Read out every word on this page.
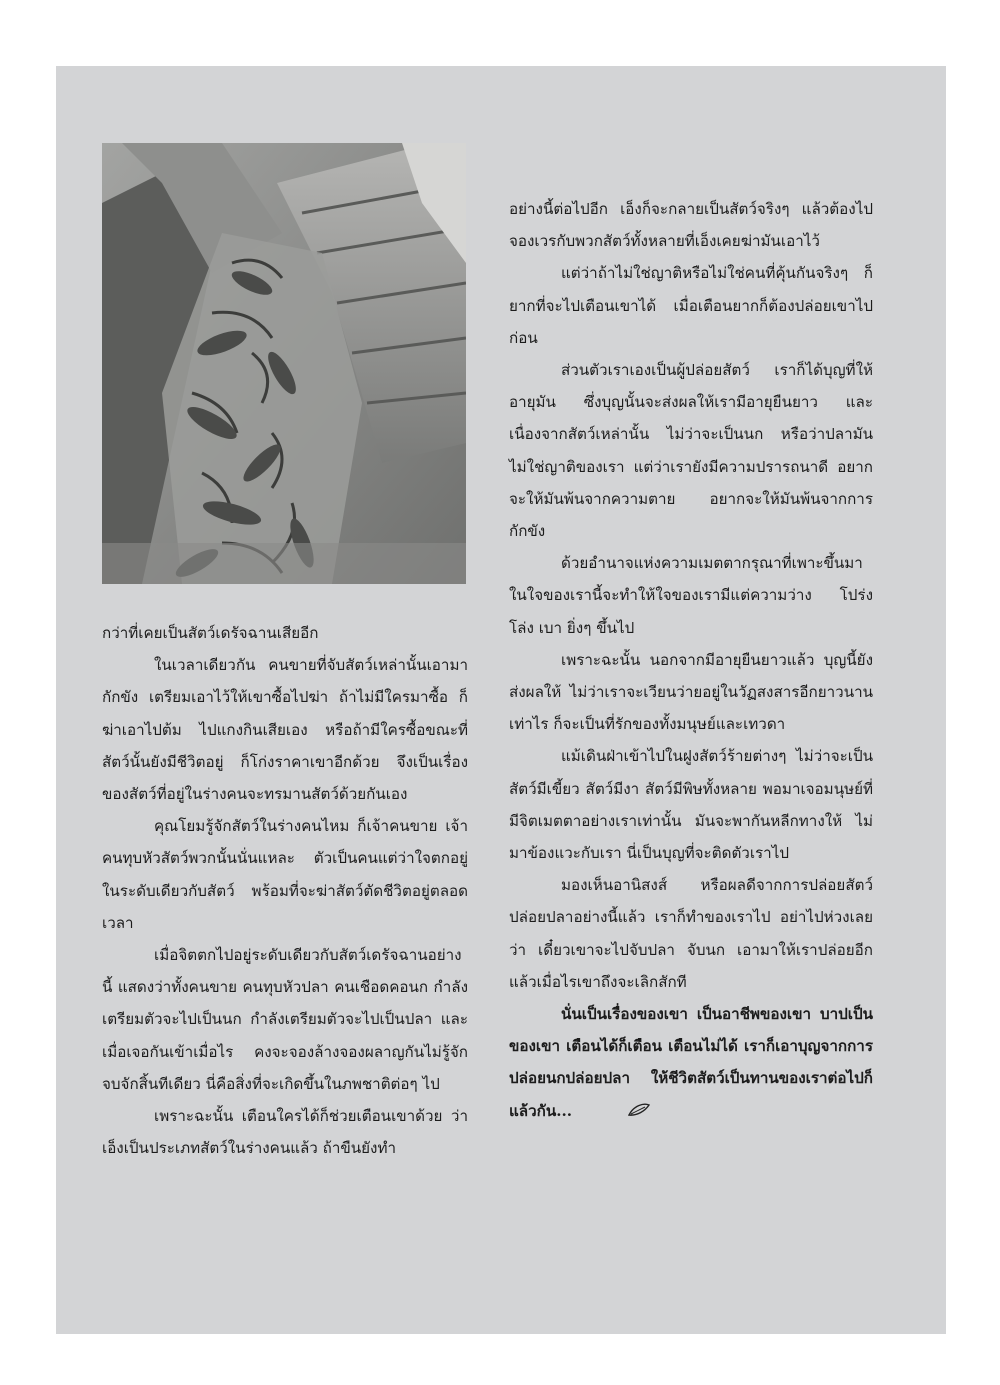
กว่าที่เคยเป็นสัตว์เดรัจฉานเสียอีก

ในเวลาเดียวกัน คนขายที่จับสัตว์เหล่านั้นเอามากักขัง เตรียมเอาไว้ให้เขาซื้อไปฆ่า ถ้าไม่มีใครมาซื้อ ก็ฆ่าเอาไปต้ม ไปแกงกินเสียเอง หรือถ้ามีใครซื้อขณะที่สัตว์นั้นยังมีชีวิตอยู่ ก็โก่งราคาเขาอีกด้วย จึงเป็นเรื่องของสัตว์ที่อยู่ในร่างคนจะทรมานสัตว์ด้วยกันเอง

คุณโยมรู้จักสัตว์ในร่างคนไหม ก็เจ้าคนขาย เจ้าคนทุบหัวสัตว์พวกนั้นนั่นแหละ ตัวเป็นคนแต่ว่าใจตกอยู่ในระดับเดียวกับสัตว์ พร้อมที่จะฆ่าสัตว์ตัดชีวิตอยู่ตลอดเวลา

เมื่อจิตตกไปอยู่ระดับเดียวกับสัตว์เดรัจฉานอย่างนี้ แสดงว่าทั้งคนขาย คนทุบหัวปลา คนเชือดคอนก กำลังเตรียมตัวจะไปเป็นนก กำลังเตรียมตัวจะไปเป็นปลา และเมื่อเจอกันเข้าเมื่อไร คงจะจองล้างจองผลาญกันไม่รู้จักจบจักสิ้นทีเดียว นี่คือสิ่งที่จะเกิดขึ้นในภพชาติต่อๆ ไป

เพราะฉะนั้น เตือนใครได้ก็ช่วยเตือนเขาด้วย ว่าเอ็งเป็นประเภทสัตว์ในร่างคนแล้ว ถ้าขืนยังทำ

อย่างนี้ต่อไปอีก เอ็งก็จะกลายเป็นสัตว์จริงๆ แล้วต้องไปจองเวรกับพวกสัตว์ทั้งหลายที่เอ็งเคยฆ่ามันเอาไว้

แต่ว่าถ้าไม่ใช่ญาติหรือไม่ใช่คนที่คุ้นกันจริงๆ ก็ยากที่จะไปเตือนเขาได้ เมื่อเตือนยากก็ต้องปล่อยเขาไปก่อน

ส่วนตัวเราเองเป็นผู้ปล่อยสัตว์ เราก็ได้บุญที่ให้อายุมัน ซึ่งบุญนั้นจะส่งผลให้เรามีอายุยืนยาว และเนื่องจากสัตว์เหล่านั้น ไม่ว่าจะเป็นนก หรือว่าปลามันไม่ใช่ญาติของเรา แต่ว่าเรายังมีความปรารถนาดี อยากจะให้มันพ้นจากความตาย อยากจะให้มันพ้นจากการกักขัง

ด้วยอำนาจแห่งความเมตตากรุณาที่เพาะขึ้นมาในใจของเรานี้จะทำให้ใจของเรามีแต่ความว่าง โปร่ง โล่ง เบา ยิ่งๆ ขึ้นไป

เพราะฉะนั้น นอกจากมีอายุยืนยาวแล้ว บุญนี้ยังส่งผลให้ ไม่ว่าเราจะเวียนว่ายอยู่ในวัฏสงสารอีกยาวนานเท่าไร ก็จะเป็นที่รักของทั้งมนุษย์และเทวดา

แม้เดินฝ่าเข้าไปในฝูงสัตว์ร้ายต่างๆ ไม่ว่าจะเป็นสัตว์มีเขี้ยว สัตว์มีงา สัตว์มีพิษทั้งหลาย พอมาเจอมนุษย์ที่มีจิตเมตตาอย่างเราเท่านั้น มันจะพากันหลีกทางให้ ไม่มาข้องแวะกับเรา นี่เป็นบุญที่จะติดตัวเราไป

มองเห็นอานิสงส์ หรือผลดีจากการปล่อยสัตว์ปล่อยปลาอย่างนี้แล้ว เราก็ทำของเราไป อย่าไปห่วงเลยว่า เดี๋ยวเขาจะไปจับปลา จับนก เอามาให้เราปล่อยอีก แล้วเมื่อไรเขาถึงจะเลิกสักที

นั่นเป็นเรื่องของเขา เป็นอาชีพของเขา บาปเป็นของเขา เตือนได้ก็เตือน เตือนไม่ได้ เราก็เอาบุญจากการปล่อยนกปล่อยปลา ให้ชีวิตสัตว์เป็นทานของเราต่อไปก็แล้วกัน...
